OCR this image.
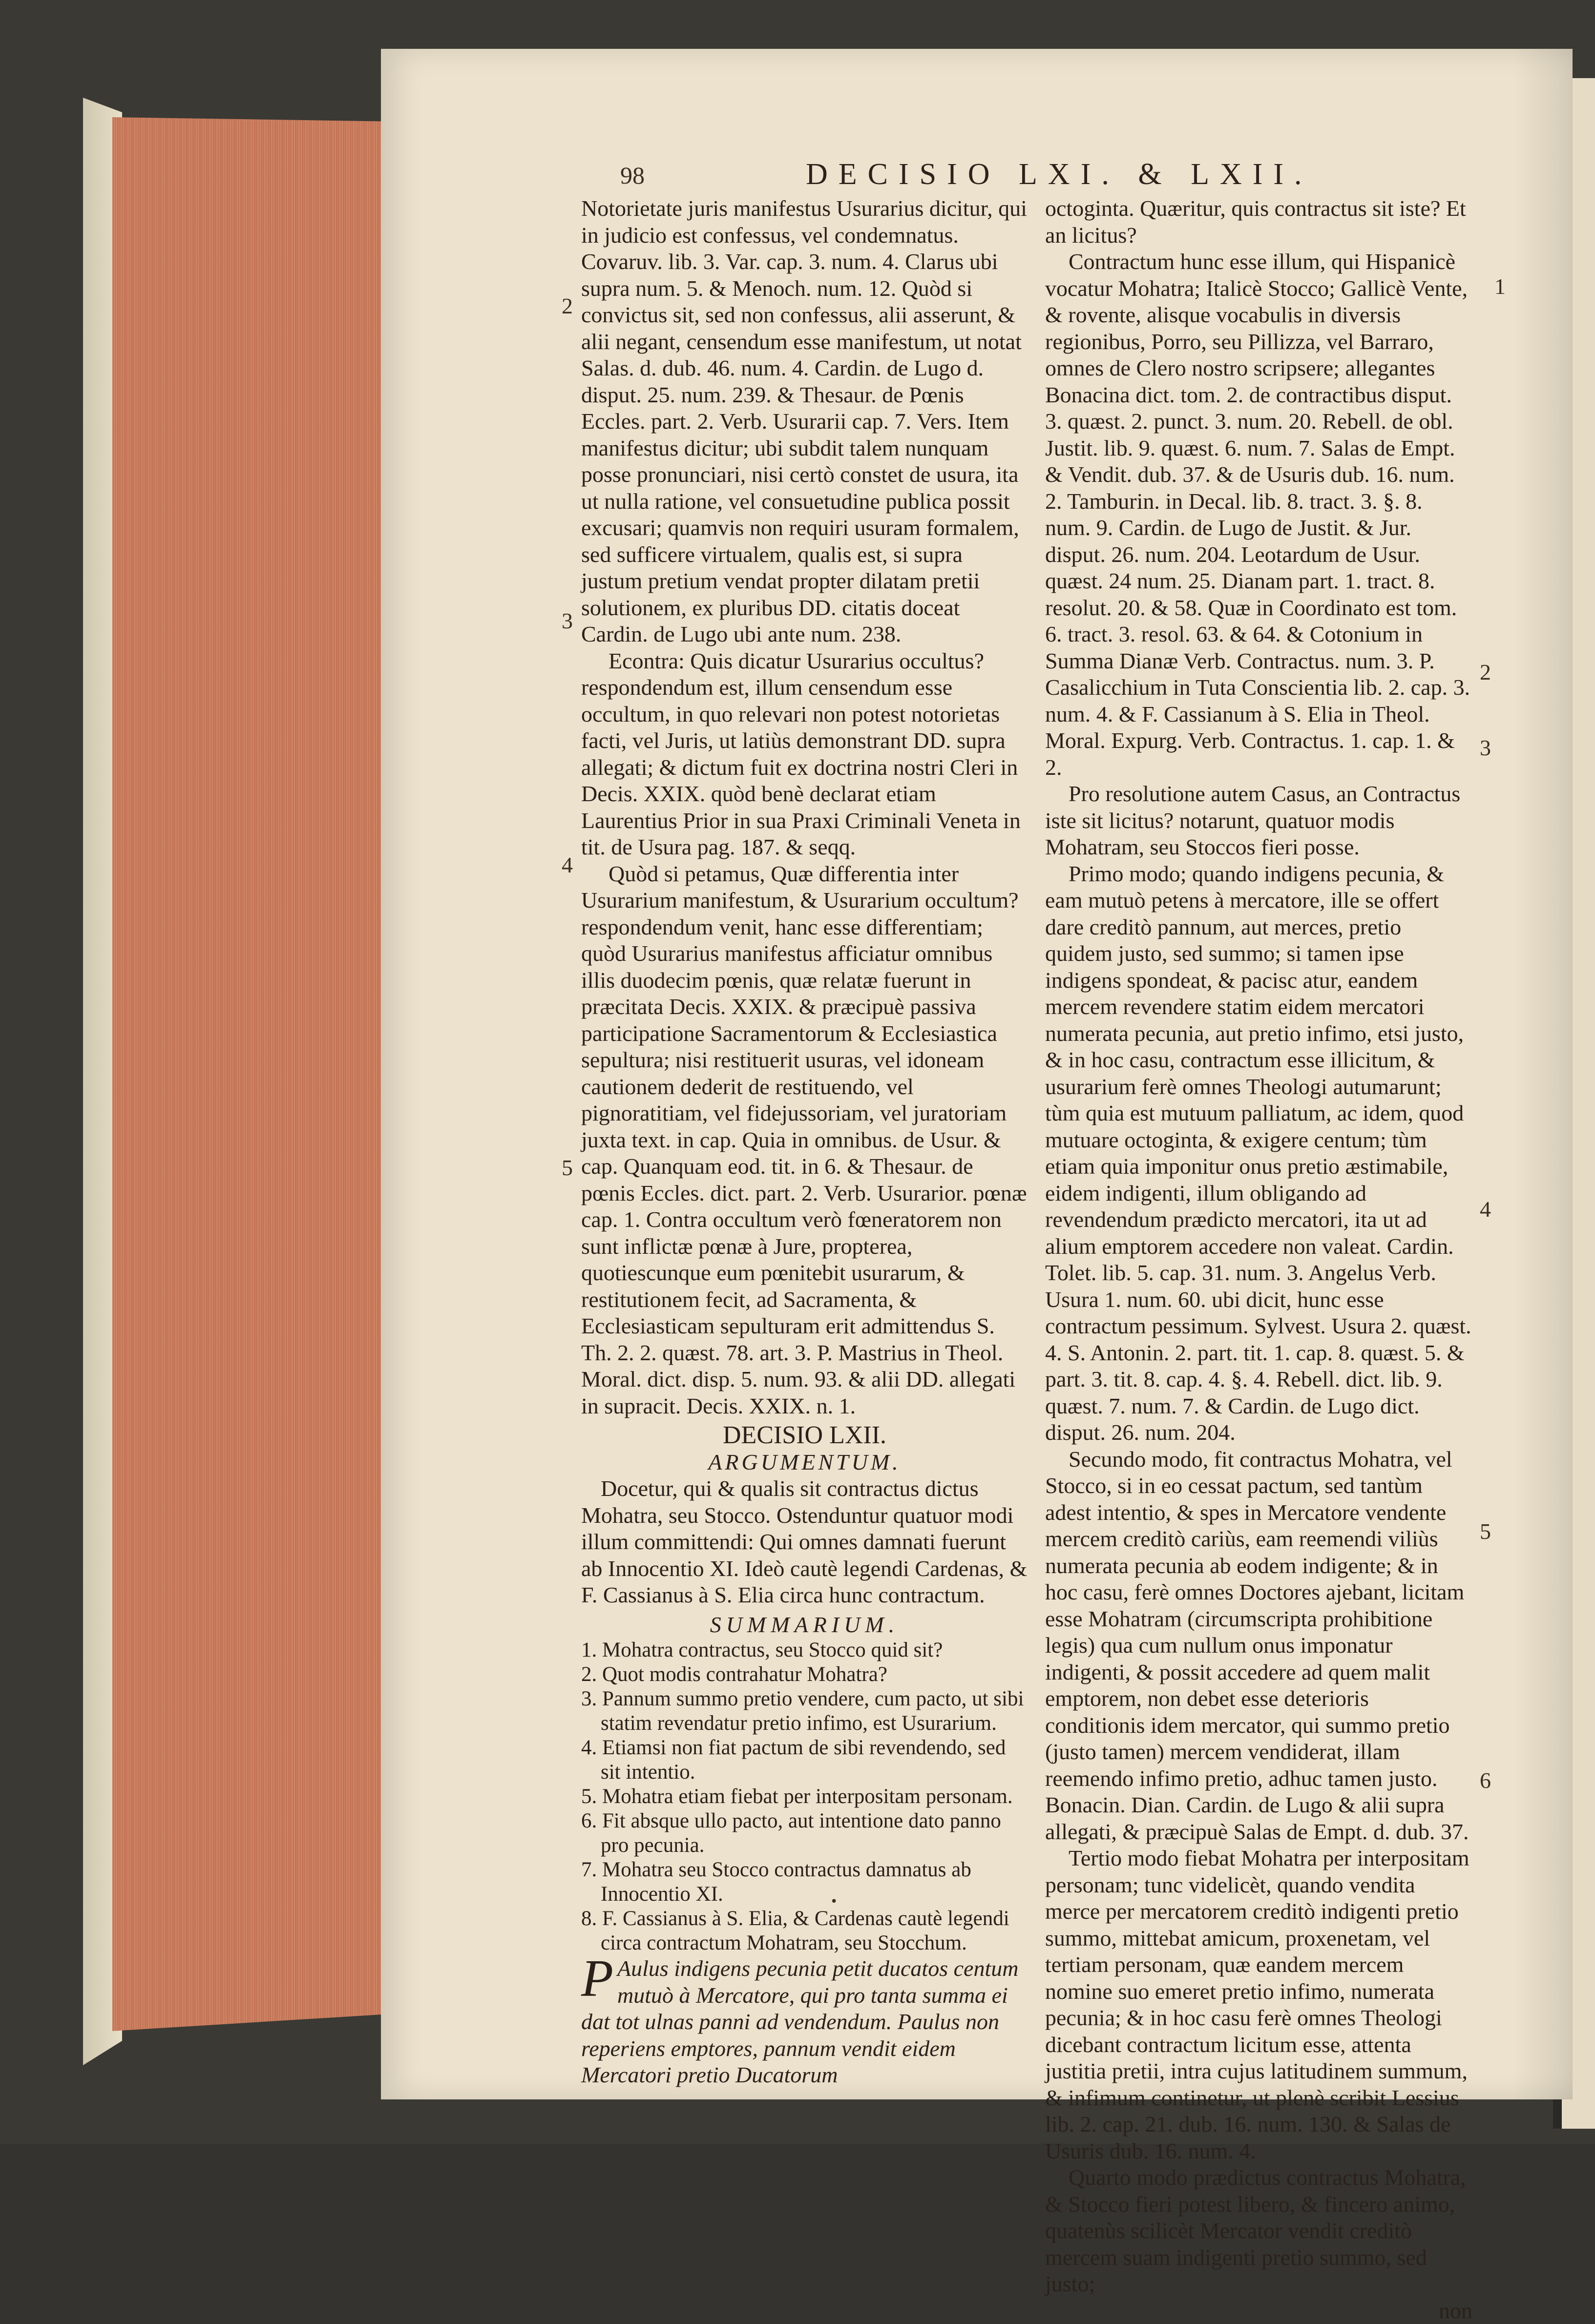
98	DECISIO LXI. & LXII.

Notorietate juris manifestus Usurarius dicitur, qui in judicio est confessus, vel condemnatus. Covaruv. lib. 3. Var. cap. 3. num. 4. Clarus ubi supra num. 5. & Menoch. num. 12. Quòd si convictus sit, sed non confessus, alii asserunt, & alii negant, censendum esse manifestum, ut notat Salas. d. dub. 46. num. 4. Cardin. de Lugo d. disput. 25. num. 239. & Thesaur. de Pœnis Eccles. part. 2. Verb. Usurarii cap. 7. Vers. Item manifestus dicitur; ubi subdit talem nunquam posse pronunciari, nisi certò constet de usura, ita ut nulla ratione, vel consuetudine publica possit excusari; quamvis non requiri usuram formalem, sed sufficere virtualem, qualis est, si supra justum pretium vendat propter dilatam pretii solutionem, ex pluribus DD. citatis doceat Cardin. de Lugo ubi ante num. 238.

Econtra: Quis dicatur Usurarius occultus? respondendum est, illum censendum esse occultum, in quo relevari non potest notorietas facti, vel Juris, ut latiùs demonstrant DD. supra allegati; & dictum fuit ex doctrina nostri Cleri in Decis. XXIX. quòd benè declarat etiam Laurentius Prior in sua Praxi Criminali Veneta in tit. de Usura pag. 187. & seqq.

Quòd si petamus, Quæ differentia inter Usurarium manifestum, & Usurarium occultum? respondendum venit, hanc esse differentiam; quòd Usurarius manifestus afficiatur omnibus illis duodecim pœnis, quæ relatæ fuerunt in præcitata Decis. XXIX. & præcipuè passiva participatione Sacramentorum & Ecclesiastica sepultura; nisi restituerit usuras, vel idoneam cautionem dederit de restituendo, vel pignoratitiam, vel fidejussoriam, vel juratoriam juxta text. in cap. Quia in omnibus. de Usur. & cap. Quanquam eod. tit. in 6. & Thesaur. de pœnis Eccles. dict. part. 2. Verb. Usurarior. pœnæ cap. 1. Contra occultum verò fœneratorem non sunt inflictæ pœnæ à Jure, propterea, quotiescunque eum pœnitebit usurarum, & restitutionem fecit, ad Sacramenta, & Ecclesiasticam sepulturam erit admittendus S. Th. 2. 2. quæst. 78. art. 3. P. Mastrius in Theol. Moral. dict. disp. 5. num. 93. & alii DD. allegati in supracit. Decis. XXIX. n. 1.

DECISIO LXII.

ARGUMENTUM.

Docetur, qui & qualis sit contractus dictus Mohatra, seu Stocco. Ostenduntur quatuor modi illum committendi: Qui omnes damnati fuerunt ab Innocentio XI. Ideò cautè legendi Cardenas, & F. Cassianus à S. Elia circa hunc contractum.

SUMMARIUM.

1. Mohatra contractus, seu Stocco quid sit?

2. Quot modis contrahatur Mohatra?

3. Pannum summo pretio vendere, cum pacto, ut sibi statim revendatur pretio infimo, est Usurarium.

4. Etiamsi non fiat pactum de sibi revendendo, sed sit intentio.

5. Mohatra etiam fiebat per interpositam personam.

6. Fit absque ullo pacto, aut intentione dato panno pro pecunia.

7. Mohatra seu Stocco contractus damnatus ab Innocentio XI.

8. F. Cassianus à S. Elia, & Cardenas cautè legendi circa contractum Mohatram, seu Stocchum.

P Aulus indigens pecunia petit ducatos centum mutuò à Mercatore, qui pro tanta summa ei dat tot ulnas panni ad vendendum. Paulus non reperiens emptores, pannum vendit eidem Mercatori pretio Ducatorum

octoginta. Quæritur, quis contractus sit iste? Et an licitus?

Contractum hunc esse illum, qui Hispanicè vocatur Mohatra; Italicè Stocco; Gallicè Vente, & rovente, alisque vocabulis in diversis regionibus, Porro, seu Pillizza, vel Barraro, omnes de Clero nostro scripsere; allegantes Bonacina dict. tom. 2. de contractibus disput. 3. quæst. 2. punct. 3. num. 20. Rebell. de obl. Justit. lib. 9. quæst. 6. num. 7. Salas de Empt. & Vendit. dub. 37. & de Usuris dub. 16. num. 2. Tamburin. in Decal. lib. 8. tract. 3. §. 8. num. 9. Cardin. de Lugo de Justit. & Jur. disput. 26. num. 204. Leotardum de Usur. quæst. 24 num. 25. Dianam part. 1. tract. 8. resolut. 20. & 58. Quæ in Coordinato est tom. 6. tract. 3. resol. 63. & 64. & Cotonium in Summa Dianæ Verb. Contractus. num. 3. P. Casalicchium in Tuta Conscientia lib. 2. cap. 3. num. 4. & F. Cassianum à S. Elia in Theol. Moral. Expurg. Verb. Contractus. 1. cap. 1. & 2.

Pro resolutione autem Casus, an Contractus iste sit licitus? notarunt, quatuor modis Mohatram, seu Stoccos fieri posse.

Primo modo; quando indigens pecunia, & eam mutuò petens à mercatore, ille se offert dare creditò pannum, aut merces, pretio quidem justo, sed summo; si tamen ipse indigens spondeat, & pacisc atur, eandem mercem revendere statim eidem mercatori numerata pecunia, aut pretio infimo, etsi justo, & in hoc casu, contractum esse illicitum, & usurarium ferè omnes Theologi autumarunt; tùm quia est mutuum palliatum, ac idem, quod mutuare octoginta, & exigere centum; tùm etiam quia imponitur onus pretio æstimabile, eidem indigenti, illum obligando ad revendendum prædicto mercatori, ita ut ad alium emptorem accedere non valeat. Cardin. Tolet. lib. 5. cap. 31. num. 3. Angelus Verb. Usura 1. num. 60. ubi dicit, hunc esse contractum pessimum. Sylvest. Usura 2. quæst. 4. S. Antonin. 2. part. tit. 1. cap. 8. quæst. 5. & part. 3. tit. 8. cap. 4. §. 4. Rebell. dict. lib. 9. quæst. 7. num. 7. & Cardin. de Lugo dict. disput. 26. num. 204.

Secundo modo, fit contractus Mohatra, vel Stocco, si in eo cessat pactum, sed tantùm adest intentio, & spes in Mercatore vendente mercem creditò cariùs, eam reemendi viliùs numerata pecunia ab eodem indigente; & in hoc casu, ferè omnes Doctores ajebant, licitam esse Mohatram (circumscripta prohibitione legis) qua cum nullum onus imponatur indigenti, & possit accedere ad quem malit emptorem, non debet esse deterioris conditionis idem mercator, qui summo pretio (justo tamen) mercem vendiderat, illam reemendo infimo pretio, adhuc tamen justo. Bonacin. Dian. Cardin. de Lugo & alii supra allegati, & præcipuè Salas de Empt. d. dub. 37.

Tertio modo fiebat Mohatra per interpositam personam; tunc videlicèt, quando vendita merce per mercatorem creditò indigenti pretio summo, mittebat amicum, proxenetam, vel tertiam personam, quæ eandem mercem nomine suo emeret pretio infimo, numerata pecunia; & in hoc casu ferè omnes Theologi dicebant contractum licitum esse, attenta justitia pretii, intra cujus latitudinem summum, & infimum continetur, ut plenè scribit Lessius lib. 2. cap. 21. dub. 16. num. 130. & Salas de Usuris dub. 16. num. 4.

Quarto modo prædictus contractus Mohatra, & Stocco fieri potest libero, & fincero animo, quatenùs scilicèt Mercator vendit creditò mercem suam indigenti pretio summo, sed justo;

non

2
3
4
5
1
2
3
4
5
6
•
